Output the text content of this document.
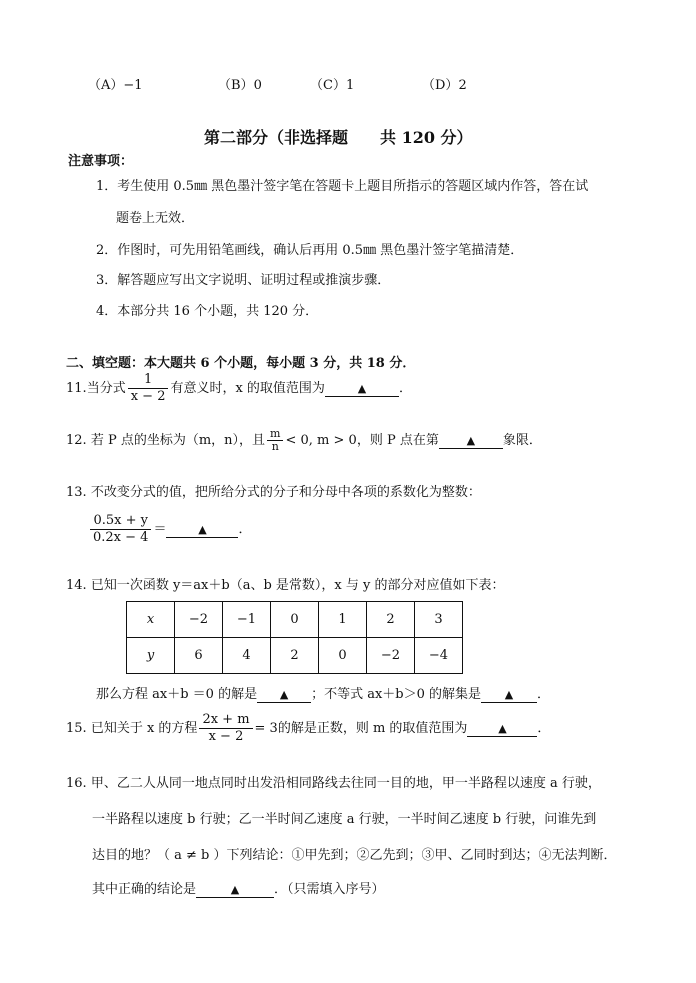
（A）−1	（B）0	（C）1	（D）2
第二部分（非选择题　　共 120 分）
注意事项：
1．考生使用 0.5㎜ 黑色墨汁签字笔在答题卡上题目所指示的答题区域内作答，答在试
题卷上无效．
2．作图时，可先用铅笔画线，确认后再用 0.5㎜ 黑色墨汁签字笔描清楚．
3．解答题应写出文字说明、证明过程或推演步骤．
4．本部分共 16 个小题，共 120 分．
二、填空题：本大题共 6 个小题，每小题 3 分，共 18 分．
11.当分式 $\frac{1}{x - 2}$ 有意义时，x 的取值范围为	▲	．
12. 若 P 点的坐标为（m，n），且 $\frac{m}{n} < 0$, m > 0，则 P 点在第	▲ 象限．
13. 不改变分式的值，把所给分式的分子和分母中各项的系数化为整数：
$\frac{0.5x + y}{0.2x - 4}$ ＝	▲ ．
14. 已知一次函数 y＝ax＋b（a、b 是常数），x 与 y 的部分对应值如下表：
x	−2	−1	0	1	2	3
y	6	4	2	0	−2	−4
那么方程 ax＋b ＝0 的解是 ▲ ；不等式 ax＋b＞0 的解集是 ▲ ．
15. 已知关于 x 的方程 $\frac{2x + m}{x - 2} = 3$的解是正数，则 m 的取值范围为	▲ ．
16. 甲、乙二人从同一地点同时出发沿相同路线去往同一目的地，甲一半路程以速度 a 行驶，
一半路程以速度 b 行驶；乙一半时间乙速度 a 行驶，一半时间乙速度 b 行驶，问谁先到
达目的地？（ a ≠ b ）下列结论：①甲先到；②乙先到；③甲、乙同时到达；④无法判断．
其中正确的结论是	▲	．（只需填入序号）
